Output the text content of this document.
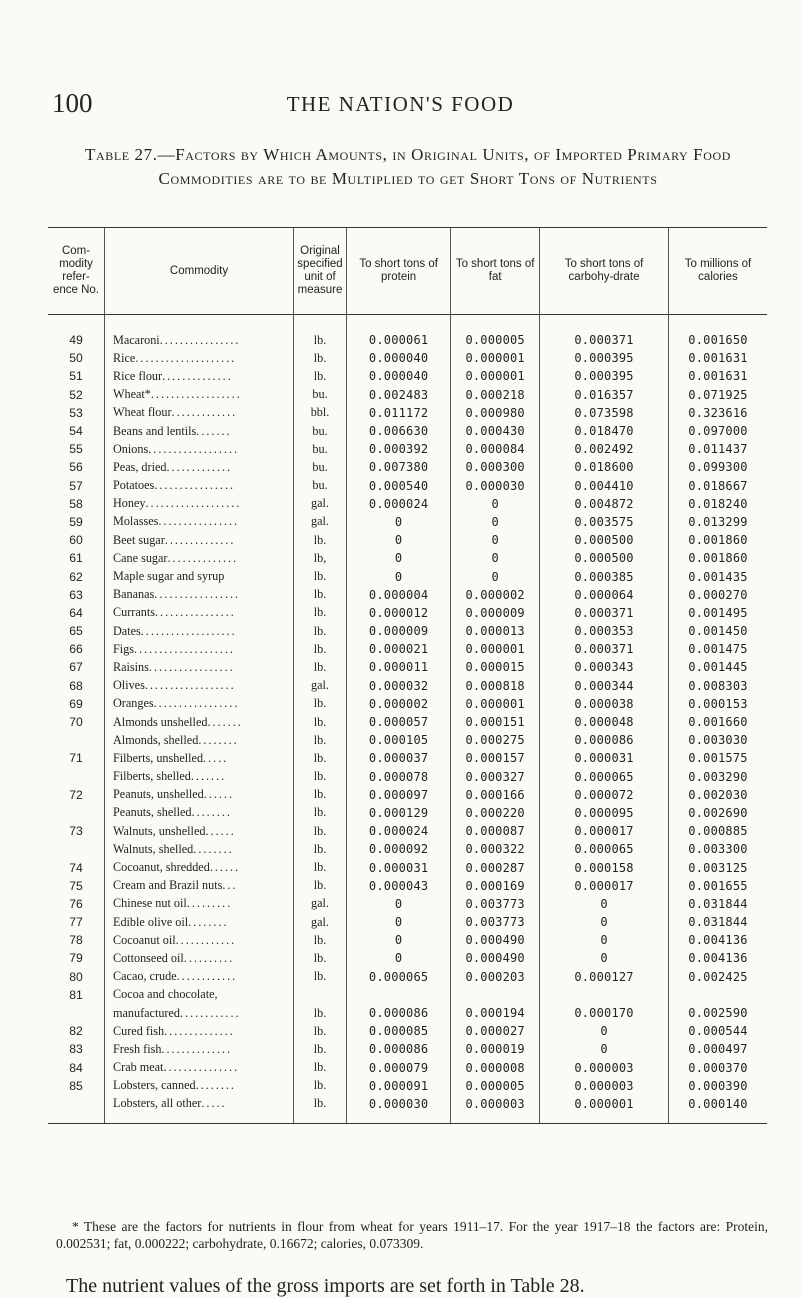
100	THE NATION'S FOOD
Table 27.—Factors by Which Amounts, in Original Units, of Imported Primary Food Commodities are to be Multiplied to get Short Tons of Nutrients
Com-modity refer-ence No.	Commodity	Original specified unit of measure	To short tons of protein	To short tons of fat	To short tons of carbohy-drate	To millions of calories
49	Macaroni................	lb.	0.000061	0.000005	0.000371	0.001650
50	Rice....................	lb.	0.000040	0.000001	0.000395	0.001631
51	Rice flour..............	lb.	0.000040	0.000001	0.000395	0.001631
52	Wheat*..................	bu.	0.002483	0.000218	0.016357	0.071925
53	Wheat flour.............	bbl.	0.011172	0.000980	0.073598	0.323616
54	Beans and lentils.......	bu.	0.006630	0.000430	0.018470	0.097000
55	Onions..................	bu.	0.000392	0.000084	0.002492	0.011437
56	Peas, dried.............	bu.	0.007380	0.000300	0.018600	0.099300
57	Potatoes................	bu.	0.000540	0.000030	0.004410	0.018667
58	Honey...................	gal.	0.000024	0	0.004872	0.018240
59	Molasses................	gal.	0	0	0.003575	0.013299
60	Beet sugar..............	lb.	0	0	0.000500	0.001860
61	Cane sugar..............	lb,	0	0	0.000500	0.001860
62	Maple sugar and syrup	lb.	0	0	0.000385	0.001435
63	Bananas.................	lb.	0.000004	0.000002	0.000064	0.000270
64	Currants................	lb.	0.000012	0.000009	0.000371	0.001495
65	Dates...................	lb.	0.000009	0.000013	0.000353	0.001450
66	Figs....................	lb.	0.000021	0.000001	0.000371	0.001475
67	Raisins.................	lb.	0.000011	0.000015	0.000343	0.001445
68	Olives..................	gal.	0.000032	0.000818	0.000344	0.008303
69	Oranges.................	lb.	0.000002	0.000001	0.000038	0.000153
70	Almonds unshelled.......	lb.	0.000057	0.000151	0.000048	0.001660
	Almonds, shelled........	lb.	0.000105	0.000275	0.000086	0.003030
71	Filberts, unshelled.....	lb.	0.000037	0.000157	0.000031	0.001575
	Filberts, shelled.......	lb.	0.000078	0.000327	0.000065	0.003290
72	Peanuts, unshelled......	lb.	0.000097	0.000166	0.000072	0.002030
	Peanuts, shelled........	lb.	0.000129	0.000220	0.000095	0.002690
73	Walnuts, unshelled......	lb.	0.000024	0.000087	0.000017	0.000885
	Walnuts, shelled........	lb.	0.000092	0.000322	0.000065	0.003300
74	Cocoanut, shredded......	lb.	0.000031	0.000287	0.000158	0.003125
75	Cream and Brazil nuts...	lb.	0.000043	0.000169	0.000017	0.001655
76	Chinese nut oil.........	gal.	0	0.003773	0	0.031844
77	Edible olive oil........	gal.	0	0.003773	0	0.031844
78	Cocoanut oil............	lb.	0	0.000490	0	0.004136
79	Cottonseed oil..........	lb.	0	0.000490	0	0.004136
80	Cacao, crude............	lb.	0.000065	0.000203	0.000127	0.002425
81	Cocoa and chocolate,					
	manufactured............	lb.	0.000086	0.000194	0.000170	0.002590
82	Cured fish..............	lb.	0.000085	0.000027	0	0.000544
83	Fresh fish..............	lb.	0.000086	0.000019	0	0.000497
84	Crab meat...............	lb.	0.000079	0.000008	0.000003	0.000370
85	Lobsters, canned........	lb.	0.000091	0.000005	0.000003	0.000390
	Lobsters, all other.....	lb.	0.000030	0.000003	0.000001	0.000140
* These are the factors for nutrients in flour from wheat for years 1911–17. For the year 1917–18 the factors are: Protein, 0.002531; fat, 0.000222; carbohydrate, 0.16672; calories, 0.073309.
The nutrient values of the gross imports are set forth in Table 28.
